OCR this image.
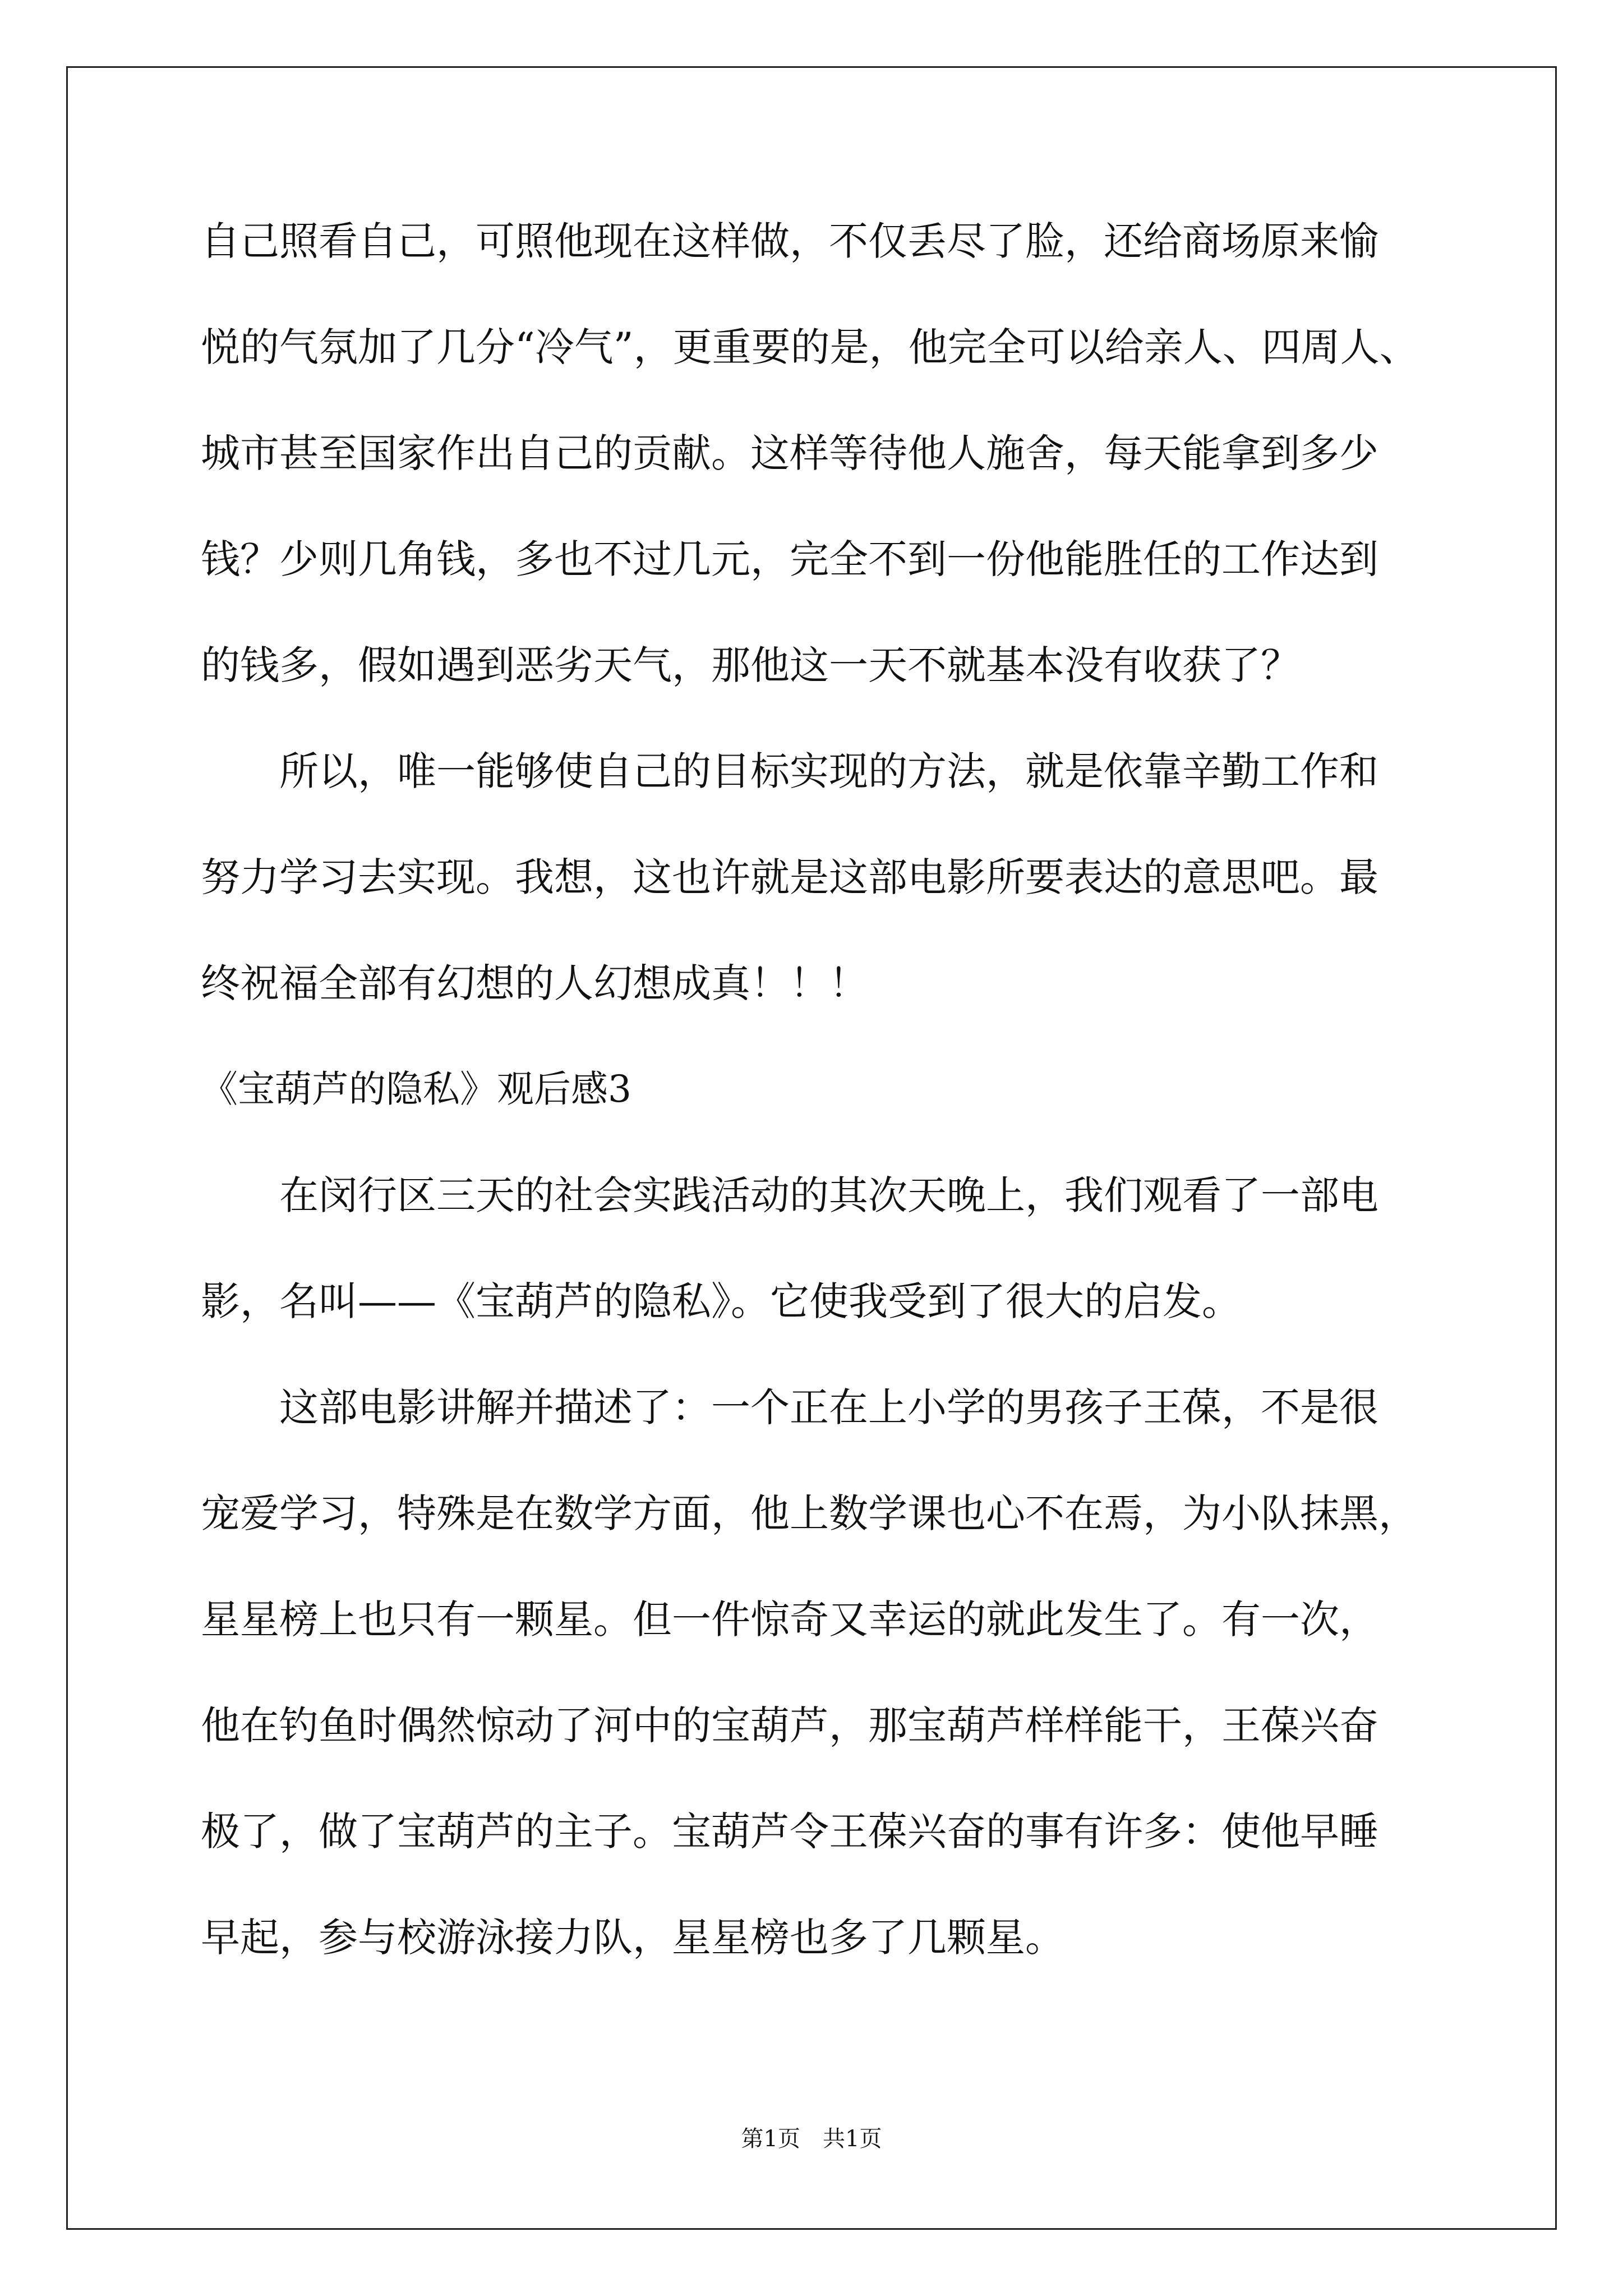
自己照看自己，可照他现在这样做，不仅丢尽了脸，还给商场原来愉
悦的气氛加了几分“冷气”，更重要的是，他完全可以给亲人、四周人、
城市甚至国家作出自己的贡献。这样等待他人施舍，每天能拿到多少
钱？少则几角钱，多也不过几元，完全不到一份他能胜任的工作达到
的钱多，假如遇到恶劣天气，那他这一天不就基本没有收获了？
所以，唯一能够使自己的目标实现的方法，就是依靠辛勤工作和
努力学习去实现。我想，这也许就是这部电影所要表达的意思吧。最
终祝福全部有幻想的人幻想成真！！！
《宝葫芦的隐私》观后感3
在闵行区三天的社会实践活动的其次天晚上，我们观看了一部电
影，名叫——《宝葫芦的隐私》。它使我受到了很大的启发。
这部电影讲解并描述了：一个正在上小学的男孩子王葆，不是很
宠爱学习，特殊是在数学方面，他上数学课也心不在焉，为小队抹黑，
星星榜上也只有一颗星。但一件惊奇又幸运的就此发生了。有一次，
他在钓鱼时偶然惊动了河中的宝葫芦，那宝葫芦样样能干，王葆兴奋
极了，做了宝葫芦的主子。宝葫芦令王葆兴奋的事有许多：使他早睡
早起，参与校游泳接力队，星星榜也多了几颗星。
第1页　共1页
